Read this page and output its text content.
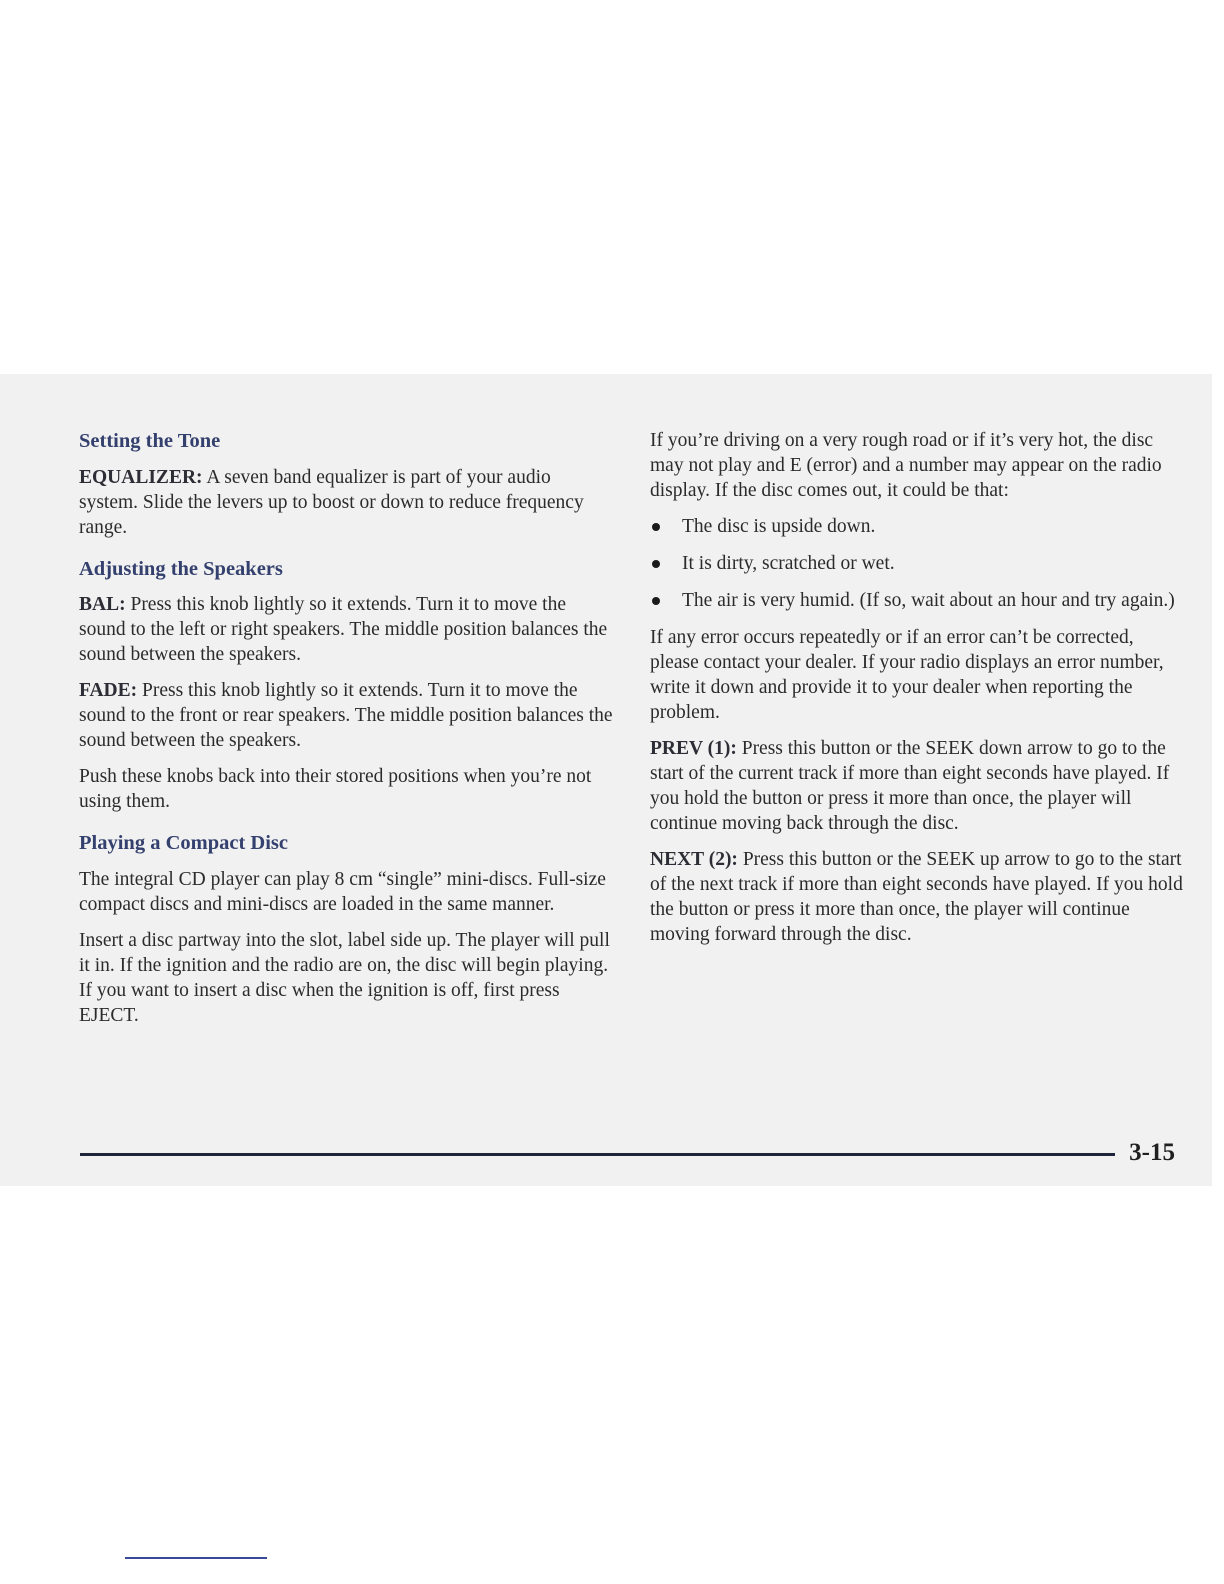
Setting the Tone

EQUALIZER: A seven band equalizer is part of your audio system. Slide the levers up to boost or down to reduce frequency range.

Adjusting the Speakers

BAL: Press this knob lightly so it extends. Turn it to move the sound to the left or right speakers. The middle position balances the sound between the speakers.

FADE: Press this knob lightly so it extends. Turn it to move the sound to the front or rear speakers. The middle position balances the sound between the speakers.

Push these knobs back into their stored positions when you’re not using them.

Playing a Compact Disc

The integral CD player can play 8 cm “single” mini-discs. Full-size compact discs and mini-discs are loaded in the same manner.

Insert a disc partway into the slot, label side up. The player will pull it in. If the ignition and the radio are on, the disc will begin playing. If you want to insert a disc when the ignition is off, first press EJECT.

If you’re driving on a very rough road or if it’s very hot, the disc may not play and E (error) and a number may appear on the radio display. If the disc comes out, it could be that:

The disc is upside down.
It is dirty, scratched or wet.
The air is very humid. (If so, wait about an hour and try again.)

If any error occurs repeatedly or if an error can’t be corrected, please contact your dealer. If your radio displays an error number, write it down and provide it to your dealer when reporting the problem.

PREV (1): Press this button or the SEEK down arrow to go to the start of the current track if more than eight seconds have played. If you hold the button or press it more than once, the player will continue moving back through the disc.

NEXT (2): Press this button or the SEEK up arrow to go to the start of the next track if more than eight seconds have played. If you hold the button or press it more than once, the player will continue moving forward through the disc.

3-15
